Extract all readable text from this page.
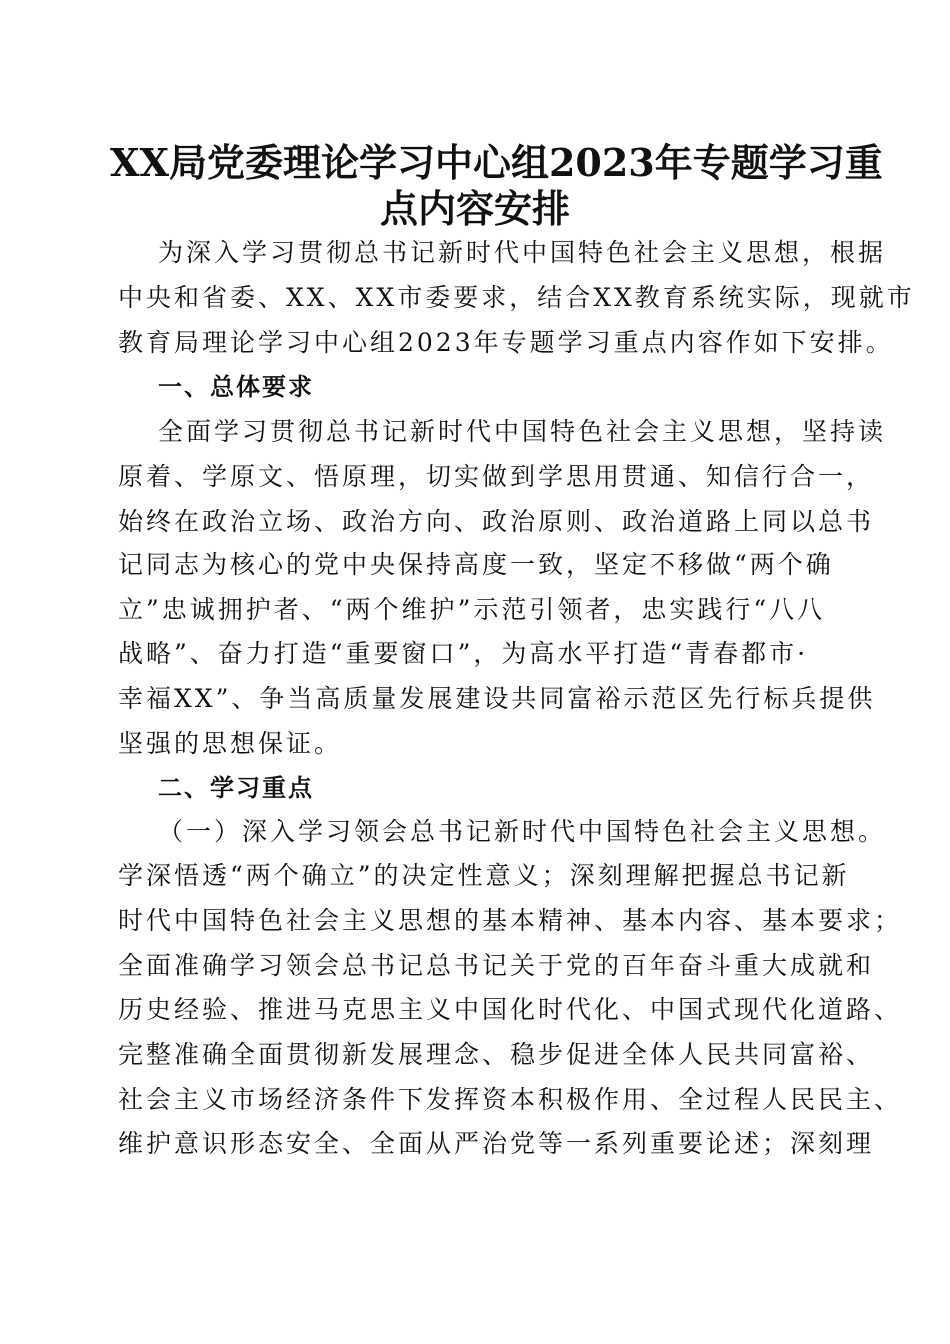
XX局党委理论学习中心组2023年专题学习重
点内容安排

为深入学习贯彻总书记新时代中国特色社会主义思想，根据

中央和省委、XX、XX市委要求，结合XX教育系统实际，现就市

教育局理论学习中心组2023年专题学习重点内容作如下安排。

一、总体要求

全面学习贯彻总书记新时代中国特色社会主义思想，坚持读

原着、学原文、悟原理，切实做到学思用贯通、知信行合一，

始终在政治立场、政治方向、政治原则、政治道路上同以总书

记同志为核心的党中央保持高度一致，坚定不移做“两个确

立”忠诚拥护者、“两个维护”示范引领者，忠实践行“八八

战略”、奋力打造“重要窗口”，为高水平打造“青春都市·

幸福XX”、争当高质量发展建设共同富裕示范区先行标兵提供

坚强的思想保证。

二、学习重点

（一）深入学习领会总书记新时代中国特色社会主义思想。

学深悟透“两个确立”的决定性意义；深刻理解把握总书记新

时代中国特色社会主义思想的基本精神、基本内容、基本要求；

全面准确学习领会总书记总书记关于党的百年奋斗重大成就和

历史经验、推进马克思主义中国化时代化、中国式现代化道路、

完整准确全面贯彻新发展理念、稳步促进全体人民共同富裕、

社会主义市场经济条件下发挥资本积极作用、全过程人民民主、

维护意识形态安全、全面从严治党等一系列重要论述；深刻理
